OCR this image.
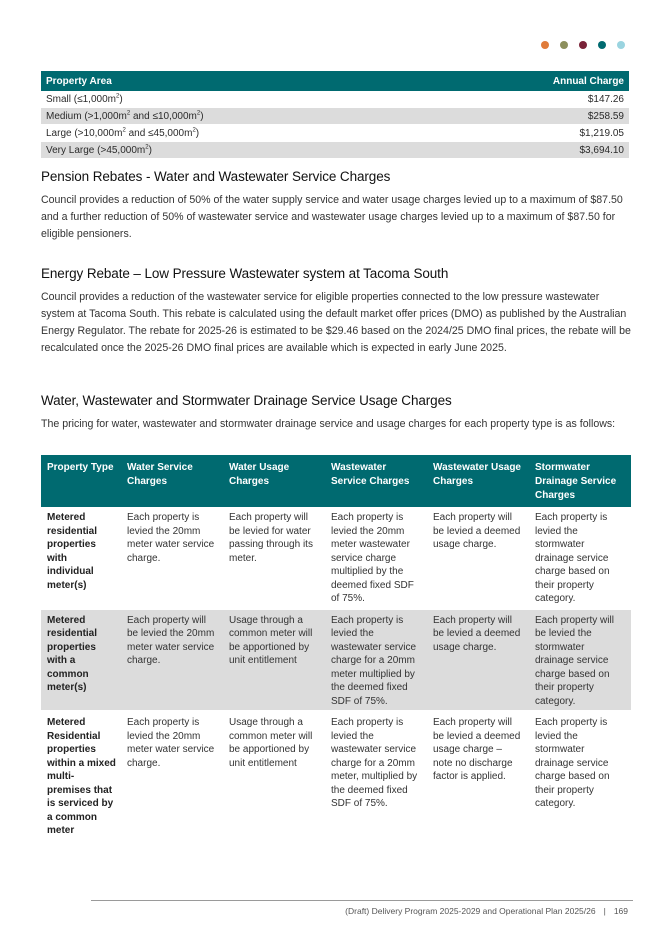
Property Area	Annual Charge
Small $(\le 1,000m^2)$	$147.26
Medium ($>1,000m^2$ and $\le 10,000m^2$)	$258.59
Large ($>10,000m^2$ and $\le 45,000m^2$)	$1,219.05
Very Large $(>45,000m^2)$	$3,694.10
Pension Rebates - Water and Wastewater Service Charges

Council provides a reduction of 50% of the water supply service and water usage charges levied up to a maximum of $87.50 and a further reduction of 50% of wastewater service and wastewater usage charges levied up to a maximum of $87.50 for eligible pensioners.

Energy Rebate – Low Pressure Wastewater system at Tacoma South

Council provides a reduction of the wastewater service for eligible properties connected to the low pressure wastewater system at Tacoma South. This rebate is calculated using the default market offer prices (DMO) as published by the Australian Energy Regulator. The rebate for 2025-26 is estimated to be $29.46 based on the 2024/25 DMO final prices, the rebate will be recalculated once the 2025-26 DMO final prices are available which is expected in early June 2025.

Water, Wastewater and Stormwater Drainage Service Usage Charges

The pricing for water, wastewater and stormwater drainage service and usage charges for each property type is as follows:

Property Type	Water Service Charges	Water Usage Charges	Wastewater Service Charges	Wastewater Usage Charges	Stormwater Drainage Service Charges
Metered residential properties with individual meter(s)	Each property is levied the 20mm meter water service charge.	Each property will be levied for water passing through its meter.	Each property is levied the 20mm meter wastewater service charge multiplied by the deemed fixed SDF of 75%.	Each property will be levied a deemed usage charge.	Each property is levied the stormwater drainage service charge based on their property category.
Metered residential properties with a common meter(s)	Each property will be levied the 20mm meter water service charge.	Usage through a common meter will be apportioned by unit entitlement	Each property is levied the wastewater service charge for a 20mm meter multiplied by the deemed fixed SDF of 75%.	Each property will be levied a deemed usage charge.	Each property will be levied the stormwater drainage service charge based on their property category.
Metered Residential properties within a mixed multi-premises that is serviced by a common meter	Each property is levied the 20mm meter water service charge.	Usage through a common meter will be apportioned by unit entitlement	Each property is levied the wastewater service charge for a 20mm meter, multiplied by the deemed fixed SDF of 75%.	Each property will be levied a deemed usage charge – note no discharge factor is applied.	Each property is levied the stormwater drainage service charge based on their property category.
(Draft) Delivery Program 2025-2029 and Operational Plan 2025/26 | 169
